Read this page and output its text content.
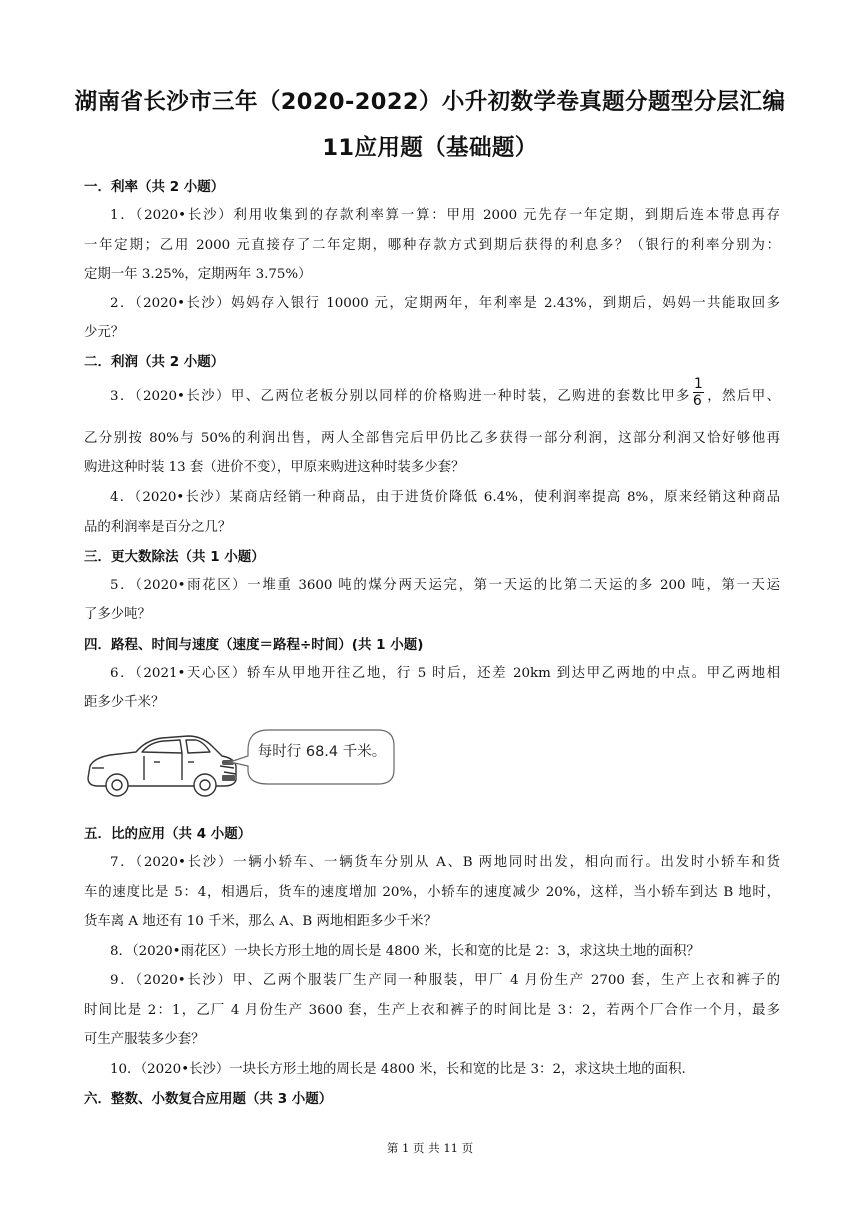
湖南省长沙市三年（2020-2022）小升初数学卷真题分题型分层汇编
11应用题（基础题）
一．利率（共 2 小题）
1．（2020•长沙）利用收集到的存款利率算一算：甲用 2000 元先存一年定期，到期后连本带息再存
一年定期；乙用 2000 元直接存了二年定期，哪种存款方式到期后获得的利息多？（银行的利率分别为：
定期一年 3.25%，定期两年 3.75%）
2．（2020•长沙）妈妈存入银行 10000 元，定期两年，年利率是 2.43%，到期后，妈妈一共能取回多
少元？
二．利润（共 2 小题）
3．（2020•长沙）甲、乙两位老板分别以同样的价格购进一种时装，乙购进的套数比甲多 $\frac{1}{6}$ ，然后甲、
乙分别按 80%与 50%的利润出售，两人全部售完后甲仍比乙多获得一部分利润，这部分利润又恰好够他再
购进这种时装 13 套（进价不变），甲原来购进这种时装多少套？
4．（2020•长沙）某商店经销一种商品，由于进货价降低 6.4%，使利润率提高 8%，原来经销这种商品
品的利润率是百分之几？
三．更大数除法（共 1 小题）
5．（2020•雨花区）一堆重 3600 吨的煤分两天运完，第一天运的比第二天运的多 200 吨，第一天运
了多少吨？
四．路程、时间与速度（速度＝路程÷时间）(共 1 小题)
6．（2021•天心区）轿车从甲地开往乙地，行 5 时后，还差 20km 到达甲乙两地的中点。甲乙两地相
距多少千米？
每时行 68.4 千米。
五．比的应用（共 4 小题）
7．（2020•长沙）一辆小轿车、一辆货车分别从 A、B 两地同时出发，相向而行。出发时小轿车和货
车的速度比是 5：4，相遇后，货车的速度增加 20%，小轿车的速度减少 20%，这样，当小轿车到达 B 地时，
货车离 A 地还有 10 千米，那么 A、B 两地相距多少千米？
8．（2020•雨花区）一块长方形土地的周长是 4800 米，长和宽的比是 2：3，求这块土地的面积？
9．（2020•长沙）甲、乙两个服装厂生产同一种服装，甲厂 4 月份生产 2700 套，生产上衣和裤子的
时间比是 2：1，乙厂 4 月份生产 3600 套，生产上衣和裤子的时间比是 3：2，若两个厂合作一个月，最多
可生产服装多少套？
10．（2020•长沙）一块长方形土地的周长是 4800 米，长和宽的比是 3：2，求这块土地的面积.
六．整数、小数复合应用题（共 3 小题）
第 1 页 共 11 页
